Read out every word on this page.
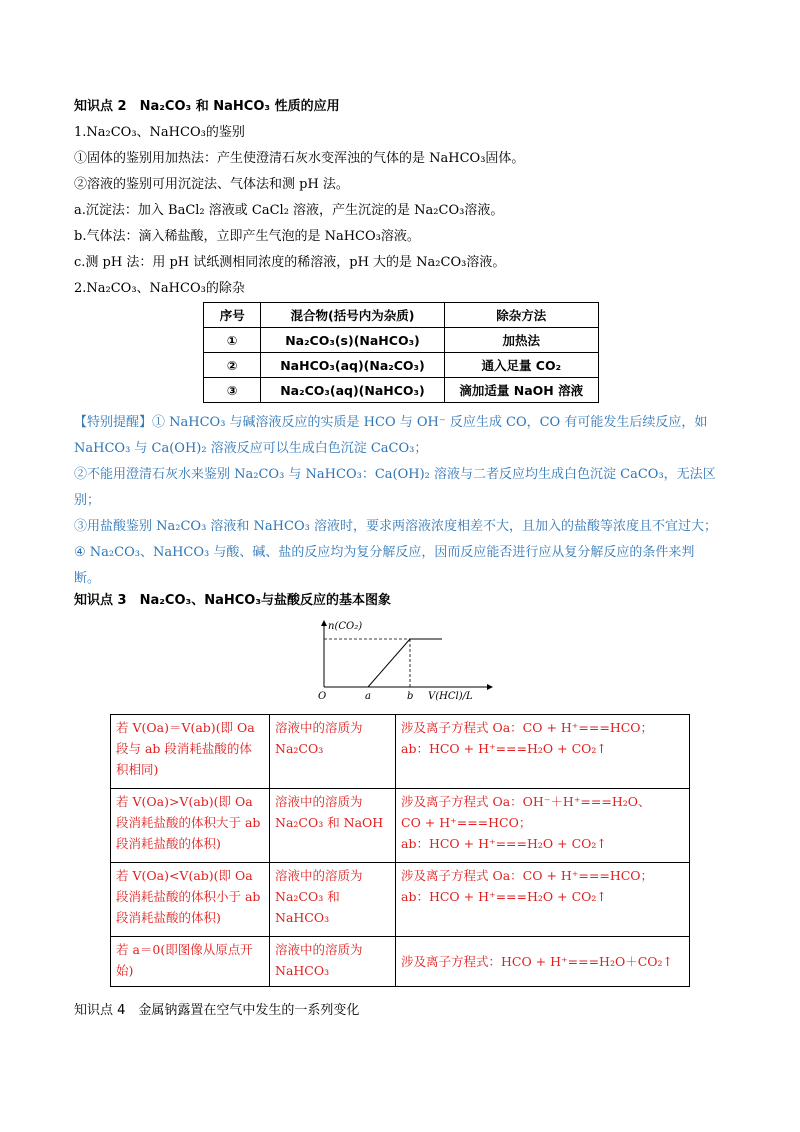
知识点 2　Na₂CO₃ 和 NaHCO₃ 性质的应用
1.Na₂CO₃、NaHCO₃的鉴别
①固体的鉴别用加热法：产生使澄清石灰水变浑浊的气体的是 NaHCO₃固体。
②溶液的鉴别可用沉淀法、气体法和测 pH 法。
a.沉淀法：加入 BaCl₂ 溶液或 CaCl₂ 溶液，产生沉淀的是 Na₂CO₃溶液。
b.气体法：滴入稀盐酸，立即产生气泡的是 NaHCO₃溶液。
c.测 pH 法：用 pH 试纸测相同浓度的稀溶液，pH 大的是 Na₂CO₃溶液。
2.Na₂CO₃、NaHCO₃的除杂
序号	混合物(括号内为杂质)	除杂方法
①	Na₂CO₃(s)(NaHCO₃)	加热法
②	NaHCO₃(aq)(Na₂CO₃)	通入足量 CO₂
③	Na₂CO₃(aq)(NaHCO₃)	滴加适量 NaOH 溶液
【特别提醒】① NaHCO₃ 与碱溶液反应的实质是 HCO 与 OH⁻ 反应生成 CO，CO 有可能发生后续反应，如
NaHCO₃ 与 Ca(OH)₂ 溶液反应可以生成白色沉淀 CaCO₃；
②不能用澄清石灰水来鉴别 Na₂CO₃ 与 NaHCO₃：Ca(OH)₂ 溶液与二者反应均生成白色沉淀 CaCO₃，无法区
别；
③用盐酸鉴别 Na₂CO₃ 溶液和 NaHCO₃ 溶液时，要求两溶液浓度相差不大，且加入的盐酸等浓度且不宜过大；
④ Na₂CO₃、NaHCO₃ 与酸、碱、盐的反应均为复分解反应，因而反应能否进行应从复分解反应的条件来判
断。
知识点 3　Na₂CO₃、NaHCO₃与盐酸反应的基本图象
n(CO₂)
O	a	b V(HCl)/L
若 V(Oa)＝V(ab)(即 Oa 段与 ab 段消耗盐酸的体积相同)	溶液中的溶质为 Na₂CO₃	涉及离子方程式 Oa：CO + H⁺===HCO；
ab：HCO + H⁺===H₂O + CO₂↑

若 V(Oa)>V(ab)(即 Oa 段消耗盐酸的体积大于 ab 段消耗盐酸的体积)	溶液中的溶质为 Na₂CO₃ 和 NaOH	涉及离子方程式 Oa：OH⁻＋H⁺===H₂O、
CO + H⁺===HCO；
ab：HCO + H⁺===H₂O + CO₂↑

若 V(Oa)<V(ab)(即 Oa 段消耗盐酸的体积小于 ab 段消耗盐酸的体积)	溶液中的溶质为 Na₂CO₃ 和 NaHCO₃	涉及离子方程式 Oa：CO + H⁺===HCO；
ab：HCO + H⁺===H₂O + CO₂↑

若 a＝0(即图像从原点开始)	溶液中的溶质为 NaHCO₃	涉及离子方程式：HCO + H⁺===H₂O＋CO₂↑
知识点 4　金属钠露置在空气中发生的一系列变化
